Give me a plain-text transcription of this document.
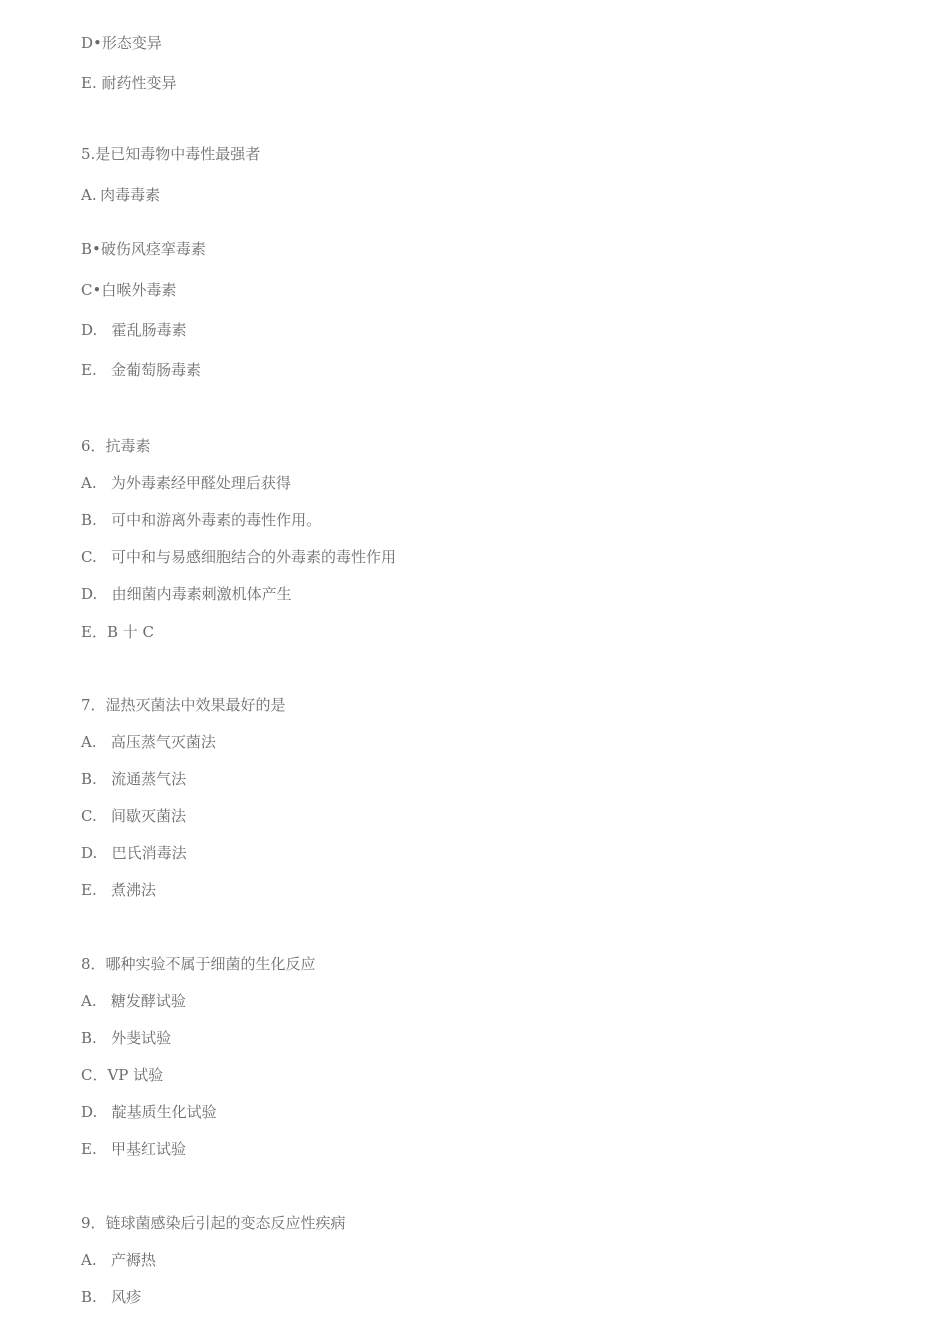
D•形态变异
E. 耐药性变异
5.是已知毒物中毒性最强者
A.	肉毒毒素
B•破伤风痉挛毒素
C•白喉外毒素
D.   霍乱肠毒素
E.   金葡萄肠毒素
6．抗毒素
A.   为外毒素经甲醛处理后获得
B.   可中和游离外毒素的毒性作用。
C.   可中和与易感细胞结合的外毒素的毒性作用
D.   由细菌内毒素刺激机体产生
E．B 十 C
7．湿热灭菌法中效果最好的是
A.   高压蒸气灭菌法
B.   流通蒸气法
C.   间歇灭菌法
D.   巴氏消毒法
E.   煮沸法
8．哪种实验不属于细菌的生化反应
A.   糖发酵试验
B.   外斐试验
C．VP 试验
D.   靛基质生化试验
E.   甲基红试验
9．链球菌感染后引起的变态反应性疾病
A.   产褥热
B.   风疹
